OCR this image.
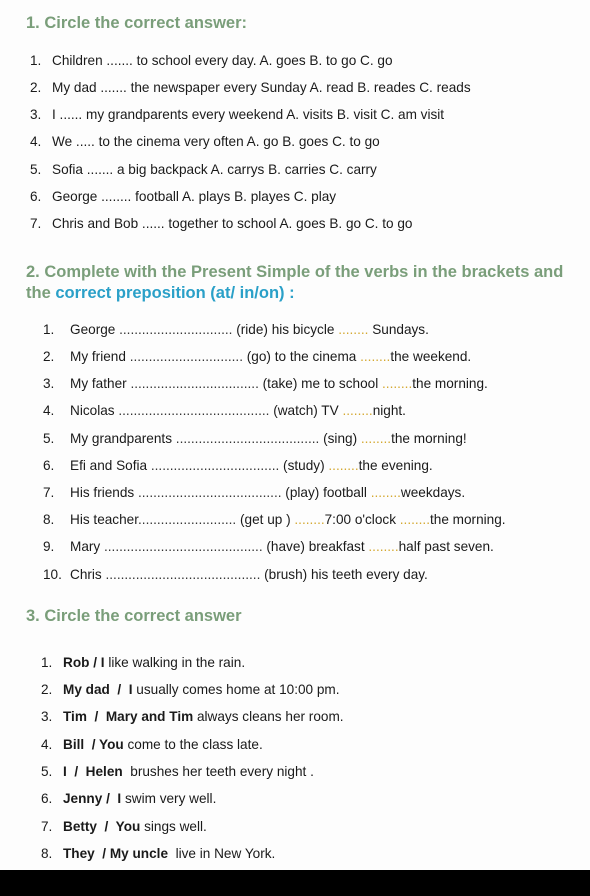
1. Circle the correct answer:
1. Children ....... to school every day. A. goes B. to go C. go
2. My dad ....... the newspaper every Sunday A. read B. reades C. reads
3. I ...... my grandparents every weekend A. visits B. visit C. am visit
4. We ..... to the cinema very often A. go B. goes C. to go
5. Sofia ....... a big backpack A. carrys B. carries C. carry
6. George ........ football A. plays B. playes C. play
7. Chris and Bob ...... together to school A. goes B. go C. to go
2. Complete with the Present Simple of the verbs in the brackets and the correct preposition (at/ in/on) :
1. George .............................. (ride) his bicycle ........ Sundays.
2. My friend .............................. (go) to the cinema ........the weekend.
3. My father .................................. (take) me to school ........the morning.
4. Nicolas ........................................ (watch) TV ........night.
5. My grandparents ...................................... (sing) ........the morning!
6. Efi and Sofia .................................. (study) ........the evening.
7. His friends ...................................... (play) football ........weekdays.
8. His teacher.......................... (get up ) ........7:00 o'clock ........the morning.
9. Mary .......................................... (have) breakfast ........half past seven.
10. Chris ......................................... (brush) his teeth every day.
3. Circle the correct answer
1. Rob / I like walking in the rain.
2. My dad  /  I usually comes home at 10:00 pm.
3. Tim  /  Mary and Tim always cleans her room.
4. Bill  / You come to the class late.
5. I  /  Helen  brushes her teeth every night .
6. Jenny /  I swim very well.
7. Betty  /  You sings well.
8. They  / My uncle  live in New York.
